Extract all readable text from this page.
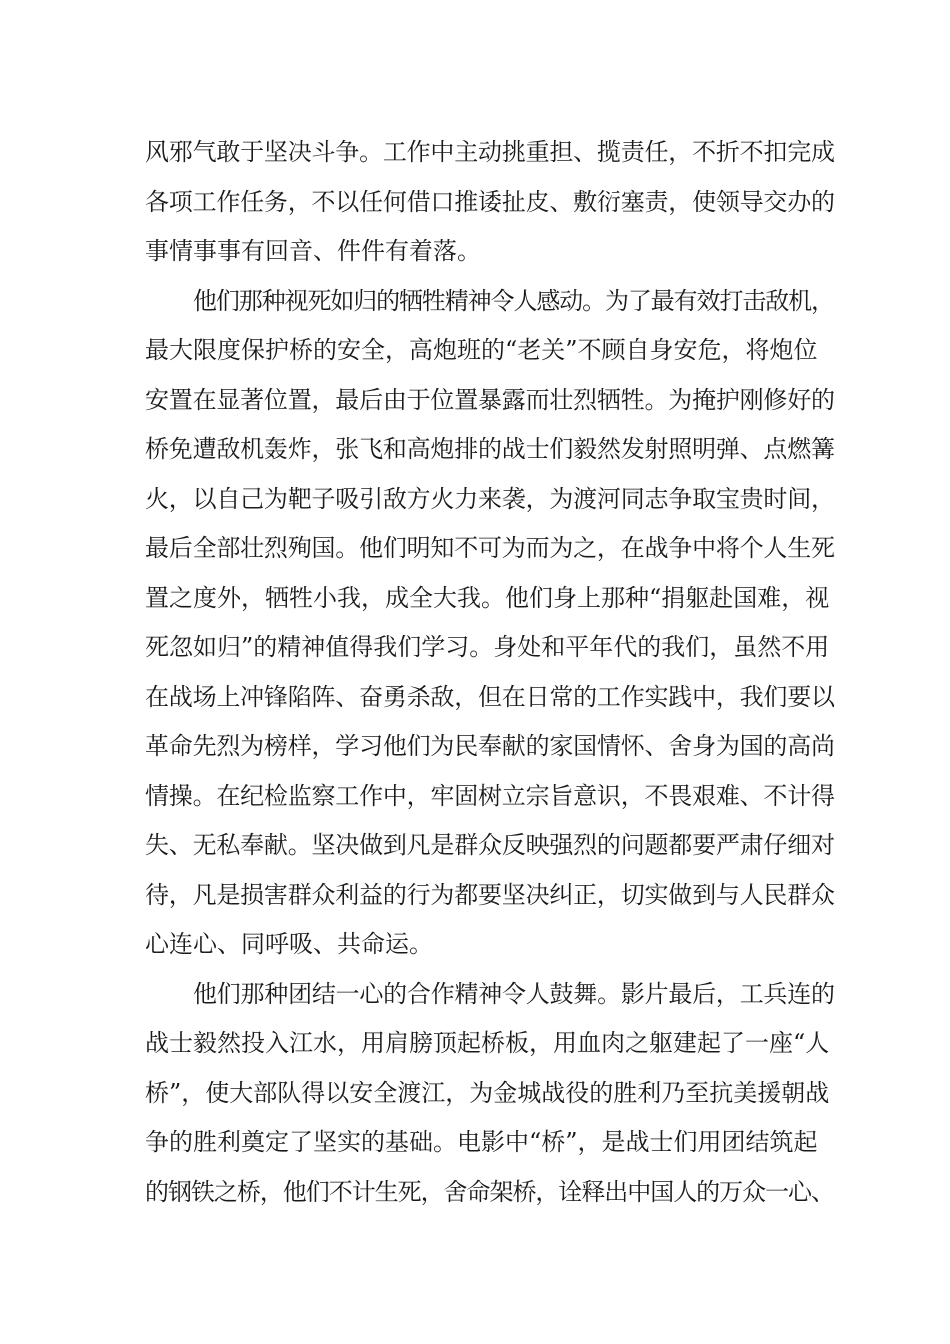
风邪气敢于坚决斗争。工作中主动挑重担、揽责任，不折不扣完成
各项工作任务，不以任何借口推诿扯皮、敷衍塞责，使领导交办的
事情事事有回音、件件有着落。
他们那种视死如归的牺牲精神令人感动。为了最有效打击敌机，
最大限度保护桥的安全，高炮班的“老关”不顾自身安危，将炮位
安置在显著位置，最后由于位置暴露而壮烈牺牲。为掩护刚修好的
桥免遭敌机轰炸，张飞和高炮排的战士们毅然发射照明弹、点燃篝
火，以自己为靶子吸引敌方火力来袭，为渡河同志争取宝贵时间，
最后全部壮烈殉国。他们明知不可为而为之，在战争中将个人生死
置之度外，牺牲小我，成全大我。他们身上那种“捐躯赴国难，视
死忽如归”的精神值得我们学习。身处和平年代的我们，虽然不用
在战场上冲锋陷阵、奋勇杀敌，但在日常的工作实践中，我们要以
革命先烈为榜样，学习他们为民奉献的家国情怀、舍身为国的高尚
情操。在纪检监察工作中，牢固树立宗旨意识，不畏艰难、不计得
失、无私奉献。坚决做到凡是群众反映强烈的问题都要严肃仔细对
待，凡是损害群众利益的行为都要坚决纠正，切实做到与人民群众
心连心、同呼吸、共命运。
他们那种团结一心的合作精神令人鼓舞。影片最后，工兵连的
战士毅然投入江水，用肩膀顶起桥板，用血肉之躯建起了一座“人
桥”，使大部队得以安全渡江，为金城战役的胜利乃至抗美援朝战
争的胜利奠定了坚实的基础。电影中“桥”，是战士们用团结筑起
的钢铁之桥，他们不计生死，舍命架桥，诠释出中国人的万众一心、
